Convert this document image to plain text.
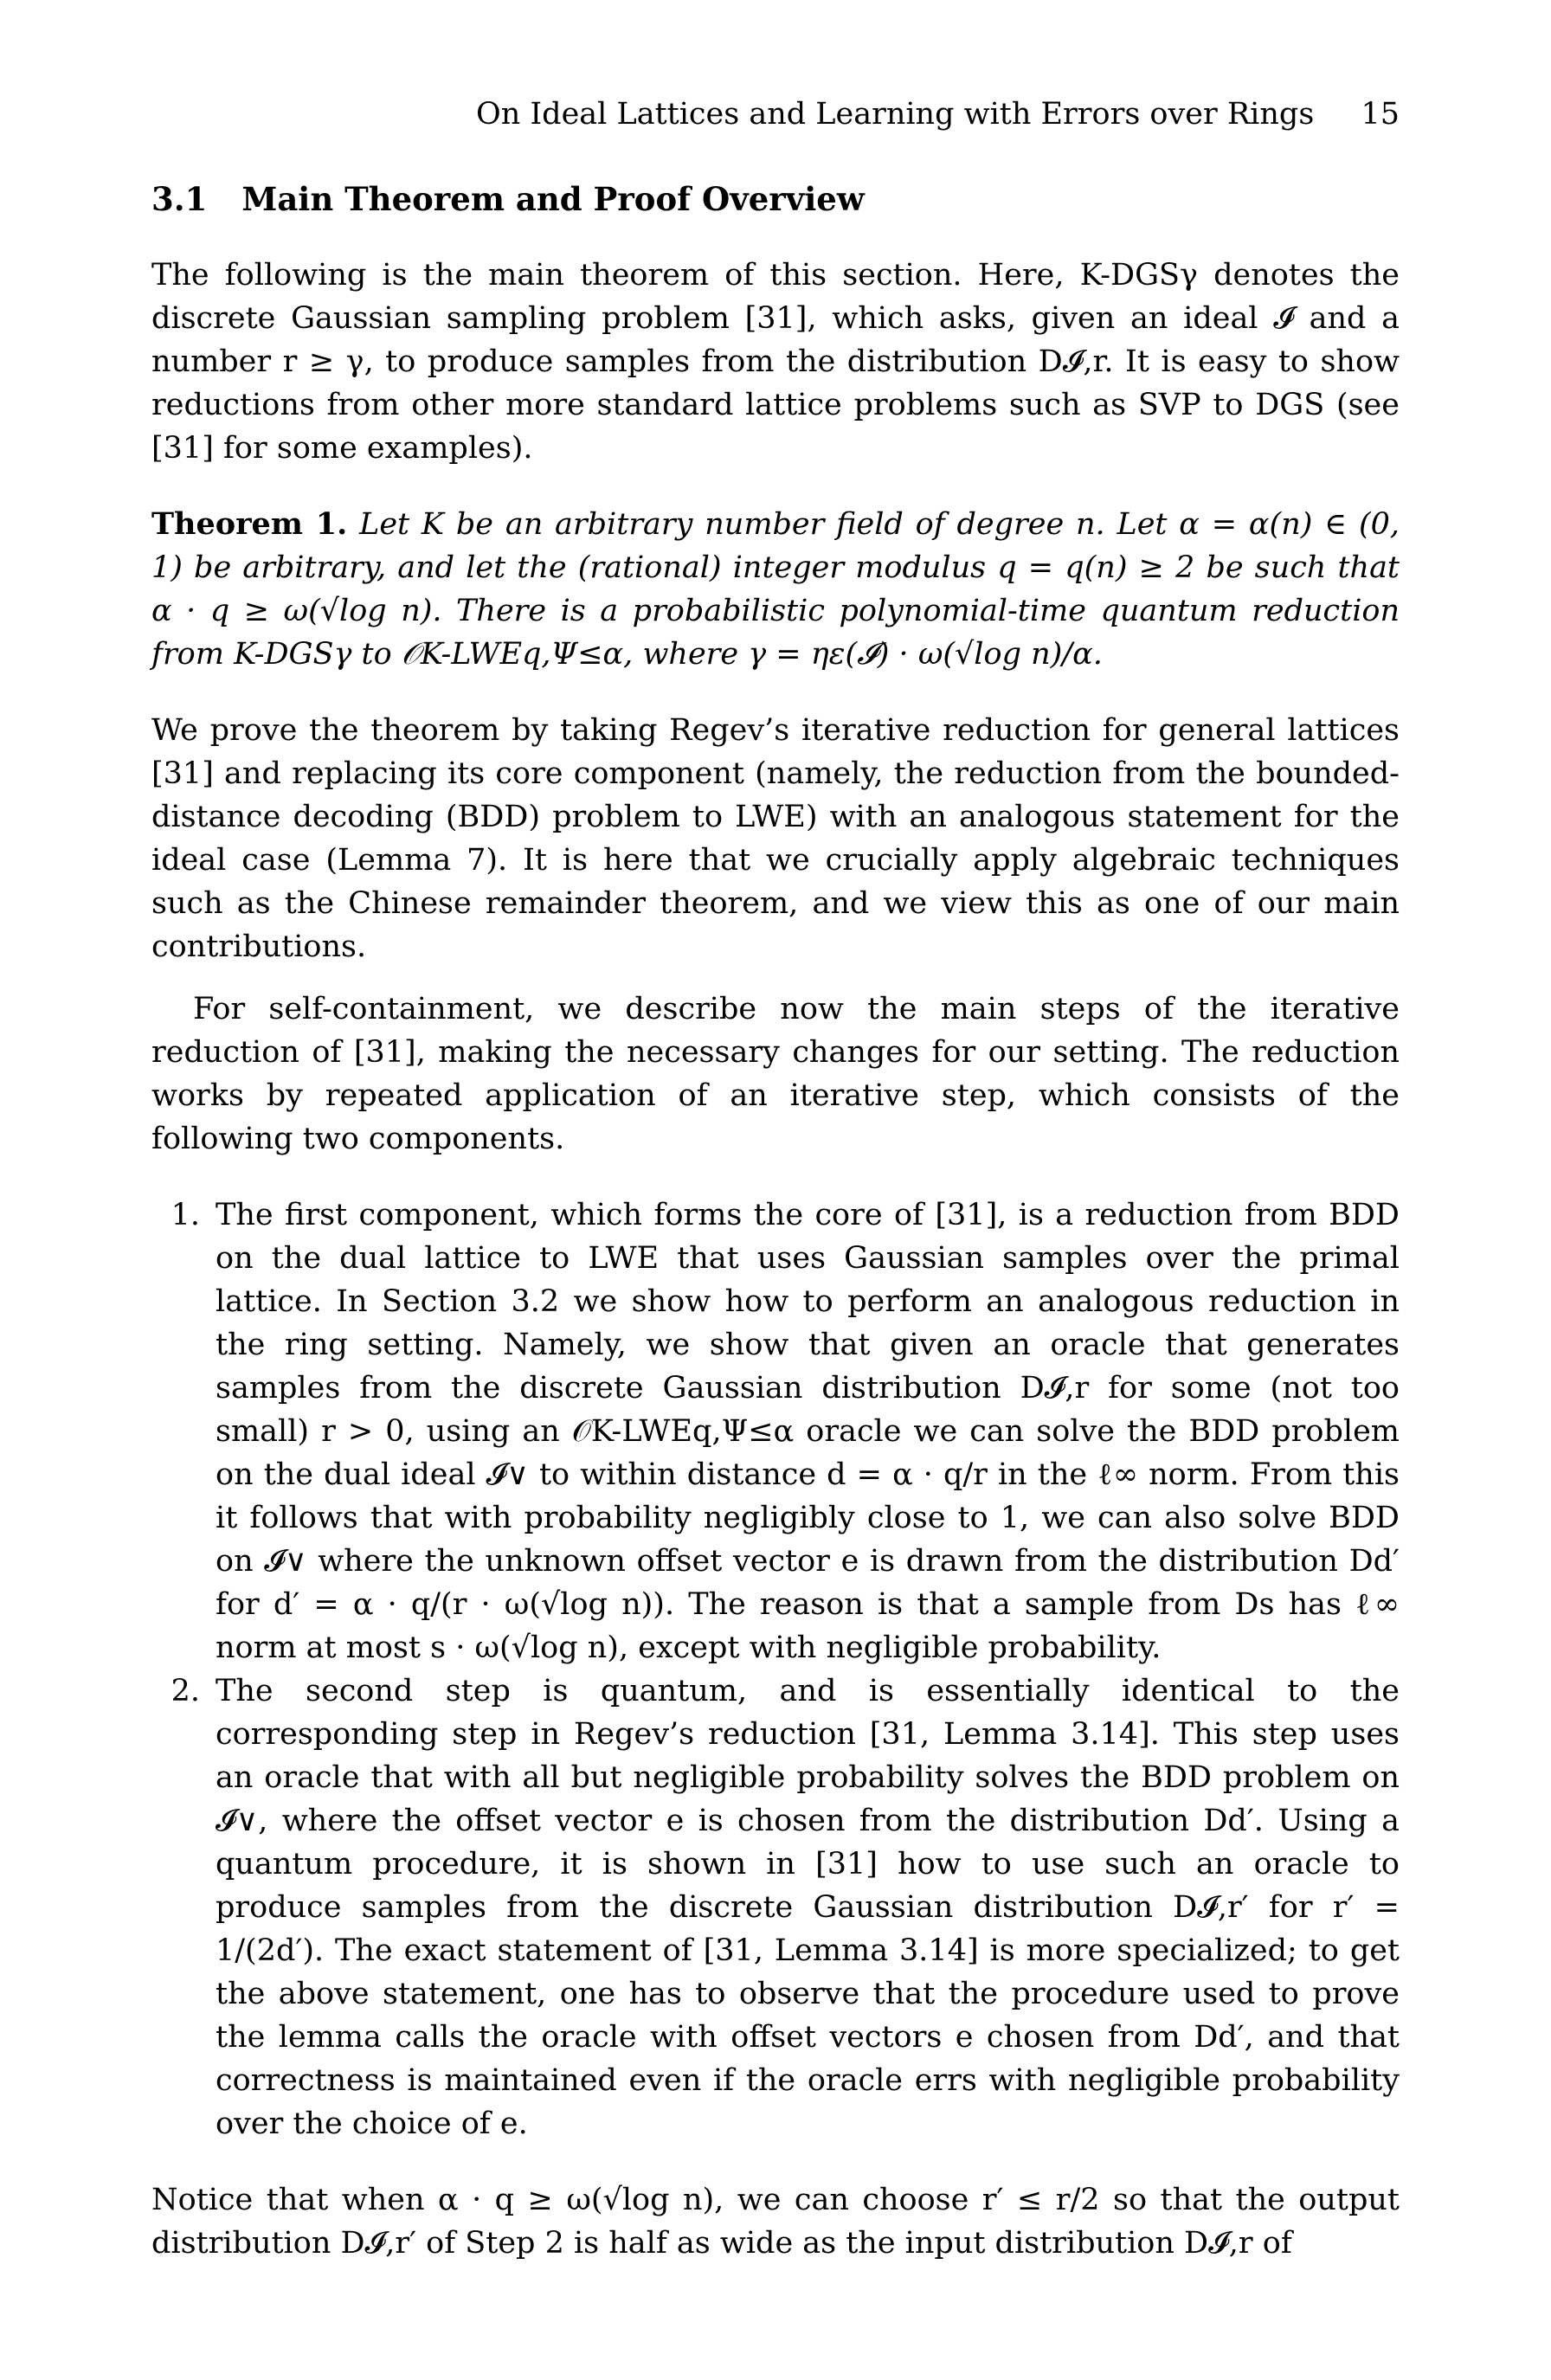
On Ideal Lattices and Learning with Errors over Rings 15
3.1 Main Theorem and Proof Overview

The following is the main theorem of this section. Here, K-DGSγ denotes the discrete Gaussian sampling problem [31], which asks, given an ideal 𝓘 and a number r ≥ γ, to produce samples from the distribution D𝓘,r. It is easy to show reductions from other more standard lattice problems such as SVP to DGS (see [31] for some examples).

Theorem 1. Let K be an arbitrary number field of degree n. Let α = α(n) ∈ (0, 1) be arbitrary, and let the (rational) integer modulus q = q(n) ≥ 2 be such that α · q ≥ ω(√log n). There is a probabilistic polynomial-time quantum reduction from K-DGSγ to 𝒪K-LWEq,Ψ≤α, where γ = ηε(𝓘) · ω(√log n)/α.

We prove the theorem by taking Regev’s iterative reduction for general lattices [31] and replacing its core component (namely, the reduction from the bounded-distance decoding (BDD) problem to LWE) with an analogous statement for the ideal case (Lemma 7). It is here that we crucially apply algebraic techniques such as the Chinese remainder theorem, and we view this as one of our main contributions.

For self-containment, we describe now the main steps of the iterative reduction of [31], making the necessary changes for our setting. The reduction works by repeated application of an iterative step, which consists of the following two components.

1. The first component, which forms the core of [31], is a reduction from BDD on the dual lattice to LWE that uses Gaussian samples over the primal lattice. In Section 3.2 we show how to perform an analogous reduction in the ring setting. Namely, we show that given an oracle that generates samples from the discrete Gaussian distribution D𝓘,r for some (not too small) r > 0, using an 𝒪K-LWEq,Ψ≤α oracle we can solve the BDD problem on the dual ideal 𝓘∨ to within distance d = α · q/r in the ℓ∞ norm. From this it follows that with probability negligibly close to 1, we can also solve BDD on 𝓘∨ where the unknown offset vector e is drawn from the distribution Dd′ for d′ = α · q/(r · ω(√log n)). The reason is that a sample from Ds has ℓ∞ norm at most s · ω(√log n), except with negligible probability.
2. The second step is quantum, and is essentially identical to the corresponding step in Regev’s reduction [31, Lemma 3.14]. This step uses an oracle that with all but negligible probability solves the BDD problem on 𝓘∨, where the offset vector e is chosen from the distribution Dd′. Using a quantum procedure, it is shown in [31] how to use such an oracle to produce samples from the discrete Gaussian distribution D𝓘,r′ for r′ = 1/(2d′). The exact statement of [31, Lemma 3.14] is more specialized; to get the above statement, one has to observe that the procedure used to prove the lemma calls the oracle with offset vectors e chosen from Dd′, and that correctness is maintained even if the oracle errs with negligible probability over the choice of e.

Notice that when α · q ≥ ω(√log n), we can choose r′ ≤ r/2 so that the output distribution D𝓘,r′ of Step 2 is half as wide as the input distribution D𝓘,r of
